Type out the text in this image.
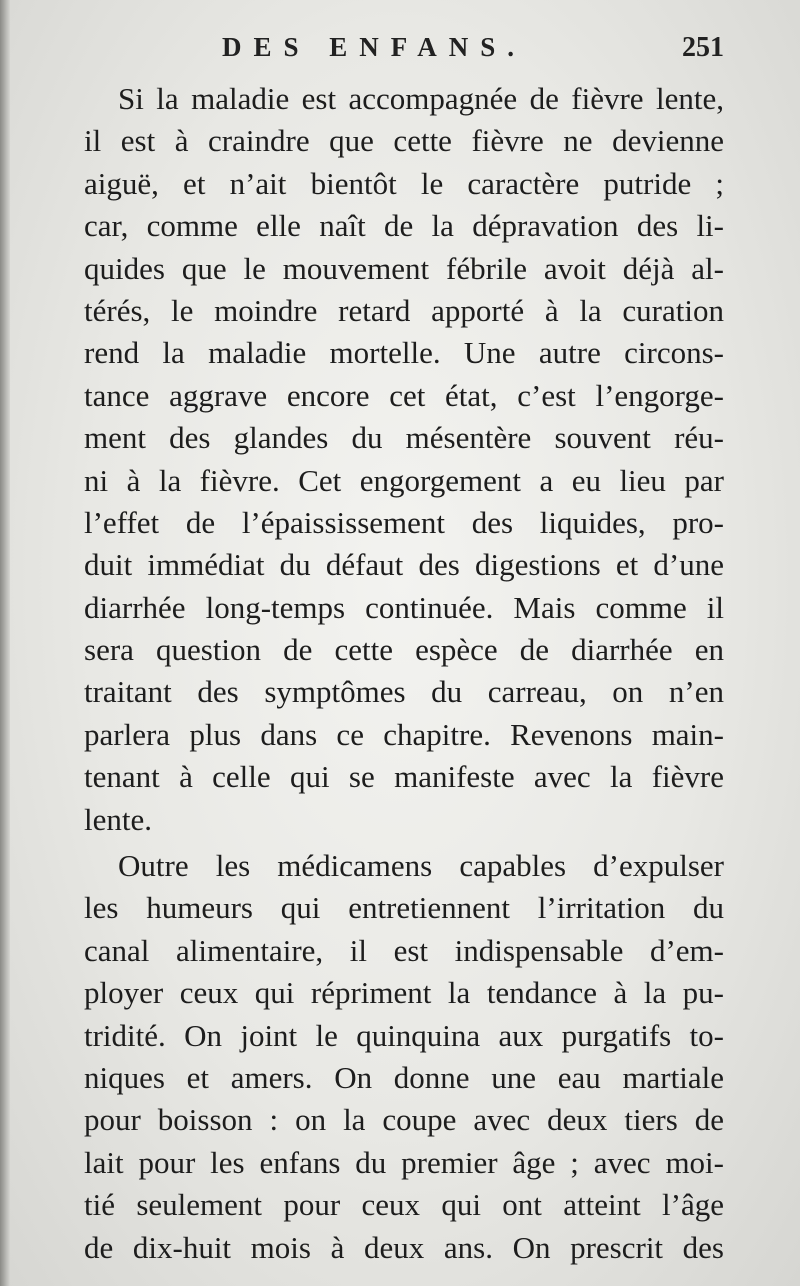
DES ENFANS.	251
Si la maladie est accompagnée de fièvre lente,
il est à craindre que cette fièvre ne devienne
aiguë, et n’ait bientôt le caractère putride ;
car, comme elle naît de la dépravation des li-
quides que le mouvement fébrile avoit déjà al-
térés, le moindre retard apporté à la curation
rend la maladie mortelle. Une autre circons-
tance aggrave encore cet état, c’est l’engorge-
ment des glandes du mésentère souvent réu-
ni à la fièvre. Cet engorgement a eu lieu par
l’effet de l’épaississement des liquides, pro-
duit immédiat du défaut des digestions et d’une
diarrhée long-temps continuée. Mais comme il
sera question de cette espèce de diarrhée en
traitant des symptômes du carreau, on n’en
parlera plus dans ce chapitre. Revenons main-
tenant à celle qui se manifeste avec la fièvre
lente.
Outre les médicamens capables d’expulser
les humeurs qui entretiennent l’irritation du
canal alimentaire, il est indispensable d’em-
ployer ceux qui répriment la tendance à la pu-
tridité. On joint le quinquina aux purgatifs to-
niques et amers. On donne une eau martiale
pour boisson : on la coupe avec deux tiers de
lait pour les enfans du premier âge ; avec moi-
tié seulement pour ceux qui ont atteint l’âge
de dix-huit mois à deux ans. On prescrit des
